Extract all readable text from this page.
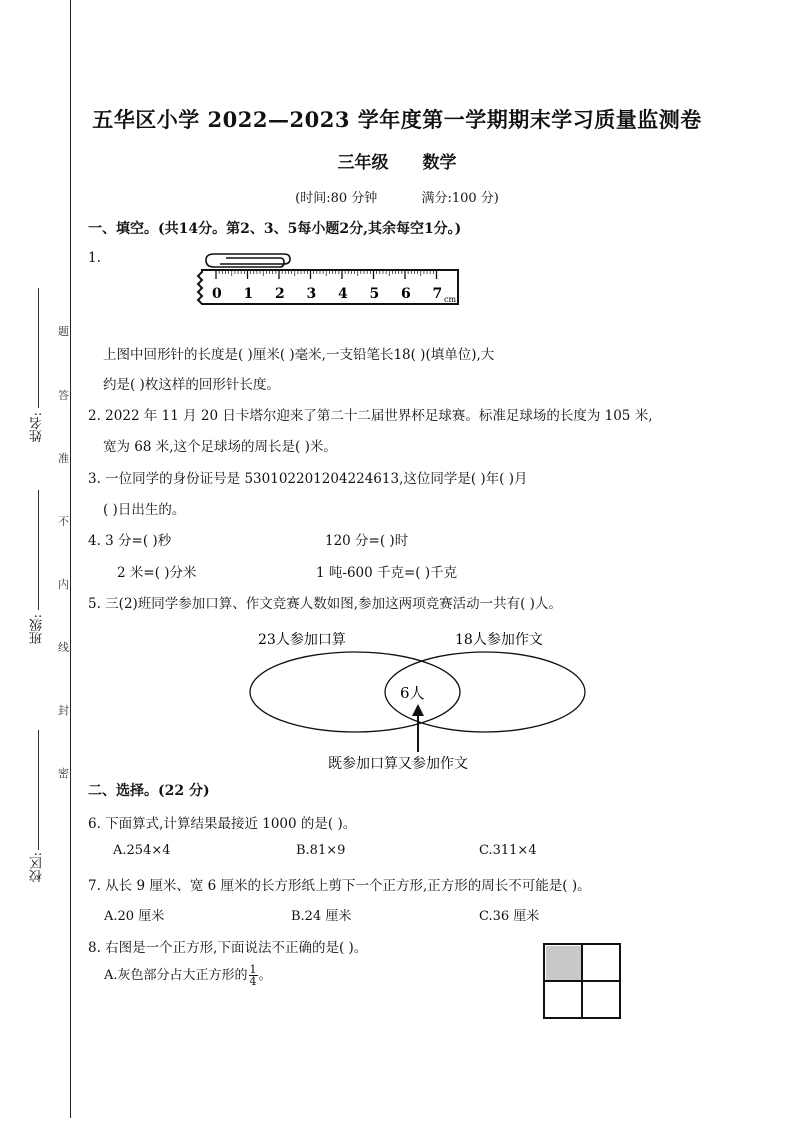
姓名:
班级:
校区:
题
答
准
不
内
线
封
密
五华区小学 2022—2023 学年度第一学期期末学习质量监测卷
三年级 数学
(时间:80 分钟	满分:100 分)
一、填空。(共14分。第2、3、5每小题2分,其余每空1分。)
1.
0 1 2 3 4 5 6 7 cm
上图中回形针的长度是( )厘米( )毫米,一支铅笔长18( )(填单位),大
约是( )枚这样的回形针长度。
2. 2022 年 11 月 20 日卡塔尔迎来了第二十二届世界杯足球赛。标准足球场的长度为 105 米,
宽为 68 米,这个足球场的周长是( )米。
3. 一位同学的身份证号是 530102201204224613,这位同学是( )年( )月
( )日出生的。
4. 3 分=( )秒	120 分=( )时
2 米=( )分米	1 吨-600 千克=( )千克
5. 三(2)班同学参加口算、作文竞赛人数如图,参加这两项竞赛活动一共有( )人。
23人参加口算	18人参加作文
6人
既参加口算又参加作文
二、选择。(22 分)
6. 下面算式,计算结果最接近 1000 的是( )。
A.254×4	B.81×9	C.311×4
7. 从长 9 厘米、宽 6 厘米的长方形纸上剪下一个正方形,正方形的周长不可能是( )。
A.20 厘米	B.24 厘米	C.36 厘米
8. 右图是一个正方形,下面说法不正确的是( )。
A.灰色部分占大正方形的 $\frac{1}{4}$ 。
